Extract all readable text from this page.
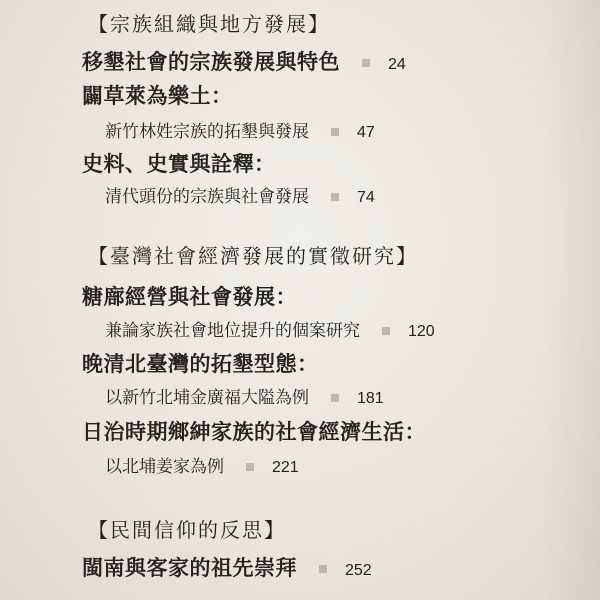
【宗族組織與地方發展】
移墾社會的宗族發展與特色	24
闢草萊為樂土：
新竹林姓宗族的拓墾與發展	47
史料、史實與詮釋：
清代頭份的宗族與社會發展	74
【臺灣社會經濟發展的實徵研究】
糖廍經營與社會發展：
兼論家族社會地位提升的個案研究	120
晚清北臺灣的拓墾型態：
以新竹北埔金廣福大隘為例	181
日治時期鄉紳家族的社會經濟生活：
以北埔姜家為例	221
【民間信仰的反思】
閩南與客家的祖先崇拜	252
